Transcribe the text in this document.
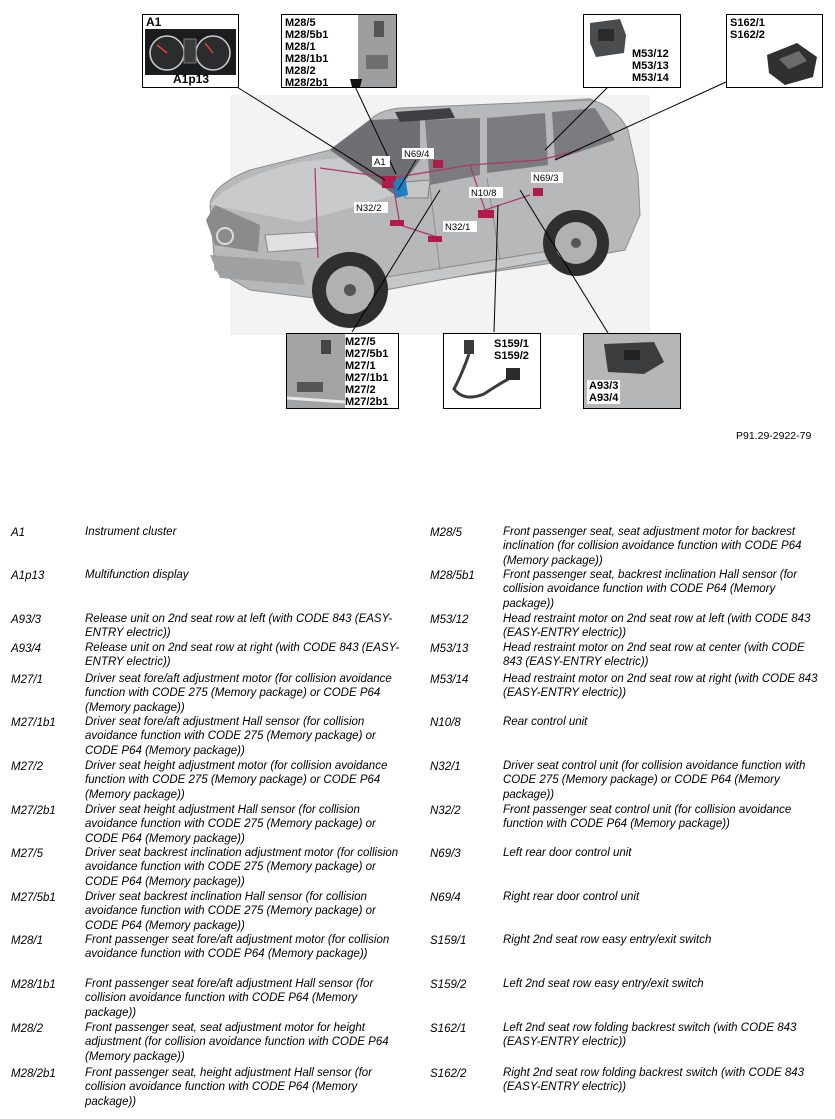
A1
N69/4
N69/3
N10/8
N32/2
N32/1
A1
A1p13
M28/5
M28/5b1
M28/1
M28/1b1
M28/2
M28/2b1
M53/12
M53/13
M53/14
S162/1
S162/2
M27/5
M27/5b1
M27/1
M27/1b1
M27/2
M27/2b1
S159/1
S159/2
A93/3
A93/4
P91.29-2922-79
A1	Instrument cluster
A1p13	Multifunction display
A93/3	Release unit on 2nd seat row at left (with CODE 843 (EASY-ENTRY electric))
A93/4	Release unit on 2nd seat row at right (with CODE 843 (EASY-ENTRY electric))
M27/1	Driver seat fore/aft adjustment motor (for collision avoidance function with CODE 275 (Memory package) or CODE P64 (Memory package))
M27/1b1	Driver seat fore/aft adjustment Hall sensor (for collision avoidance function with CODE 275 (Memory package) or CODE P64 (Memory package))
M27/2	Driver seat height adjustment motor (for collision avoidance function with CODE 275 (Memory package) or CODE P64 (Memory package))
M27/2b1	Driver seat height adjustment Hall sensor (for collision avoidance function with CODE 275 (Memory package) or CODE P64 (Memory package))
M27/5	Driver seat backrest inclination adjustment motor (for collision avoidance function with CODE 275 (Memory package) or CODE P64 (Memory package))
M27/5b1	Driver seat backrest inclination Hall sensor (for collision avoidance function with CODE 275 (Memory package) or CODE P64 (Memory package))
M28/1	Front passenger seat fore/aft adjustment motor (for collision avoidance function with CODE P64 (Memory package))
M28/1b1	Front passenger seat fore/aft adjustment Hall sensor (for collision avoidance function with CODE P64 (Memory package))
M28/2	Front passenger seat, seat adjustment motor for height adjustment (for collision avoidance function with CODE P64 (Memory package))
M28/2b1	Front passenger seat, height adjustment Hall sensor (for collision avoidance function with CODE P64 (Memory package))
M28/5	Front passenger seat, seat adjustment motor for backrest inclination (for collision avoidance function with CODE P64 (Memory package))
M28/5b1 Front passenger seat, backrest inclination Hall sensor (for collision avoidance function with CODE P64 (Memory package))
M53/12	Head restraint motor on 2nd seat row at left (with CODE 843 (EASY-ENTRY electric))
M53/13	Head restraint motor on 2nd seat row at center (with CODE 843 (EASY-ENTRY electric))
M53/14	Head restraint motor on 2nd seat row at right (with CODE 843 (EASY-ENTRY electric))
N10/8	Rear control unit
N32/1	Driver seat control unit (for collision avoidance function with CODE 275 (Memory package) or CODE P64 (Memory package))
N32/2	Front passenger seat control unit (for collision avoidance function with CODE P64 (Memory package))
N69/3	Left rear door control unit
N69/4	Right rear door control unit
S159/1	Right 2nd seat row easy entry/exit switch
S159/2	Left 2nd seat row easy entry/exit switch
S162/1	Left 2nd seat row folding backrest switch (with CODE 843 (EASY-ENTRY electric))
S162/2	Right 2nd seat row folding backrest switch (with CODE 843 (EASY-ENTRY electric))
